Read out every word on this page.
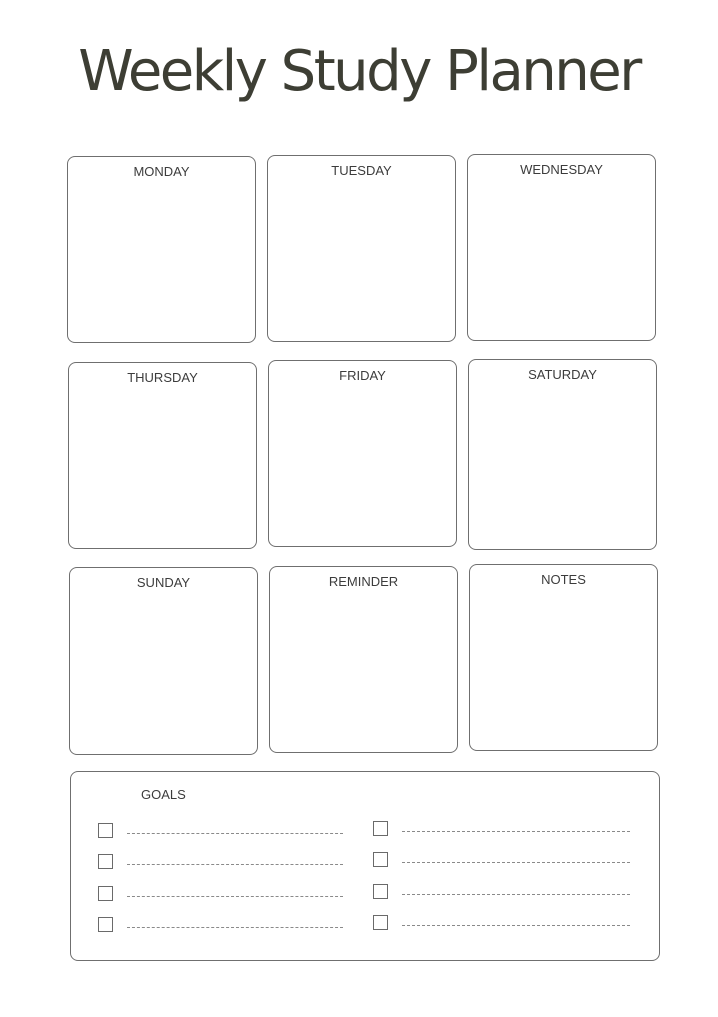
Weekly Study Planner
MONDAY	TUESDAY	WEDNESDAY
THURSDAY	FRIDAY	SATURDAY
SUNDAY	REMINDER	NOTES
GOALS
